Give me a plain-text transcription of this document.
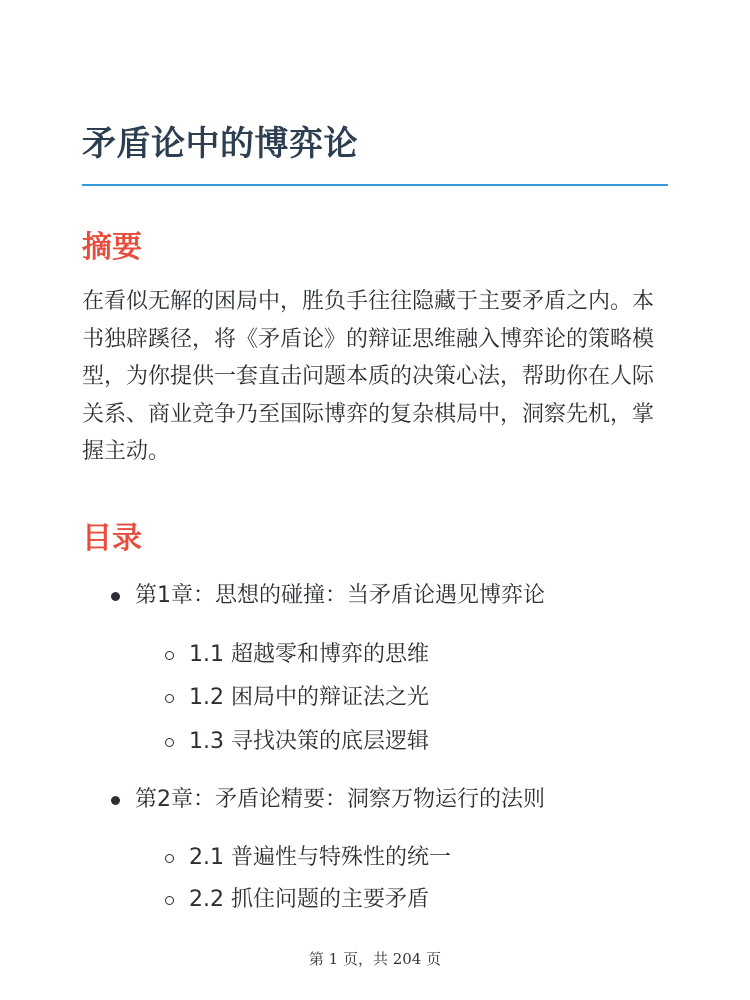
矛盾论中的博弈论
摘要

在看似无解的困局中，胜负手往往隐藏于主要矛盾之内。本书独辟蹊径，将《矛盾论》的辩证思维融入博弈论的策略模型，为你提供一套直击问题本质的决策心法，帮助你在人际关系、商业竞争乃至国际博弈的复杂棋局中，洞察先机，掌握主动。

目录
第1章：思想的碰撞：当矛盾论遇见博弈论
1.1 超越零和博弈的思维
1.2 困局中的辩证法之光
1.3 寻找决策的底层逻辑
第2章：矛盾论精要：洞察万物运行的法则
2.1 普遍性与特殊性的统一
2.2 抓住问题的主要矛盾
第 1 页，共 204 页
